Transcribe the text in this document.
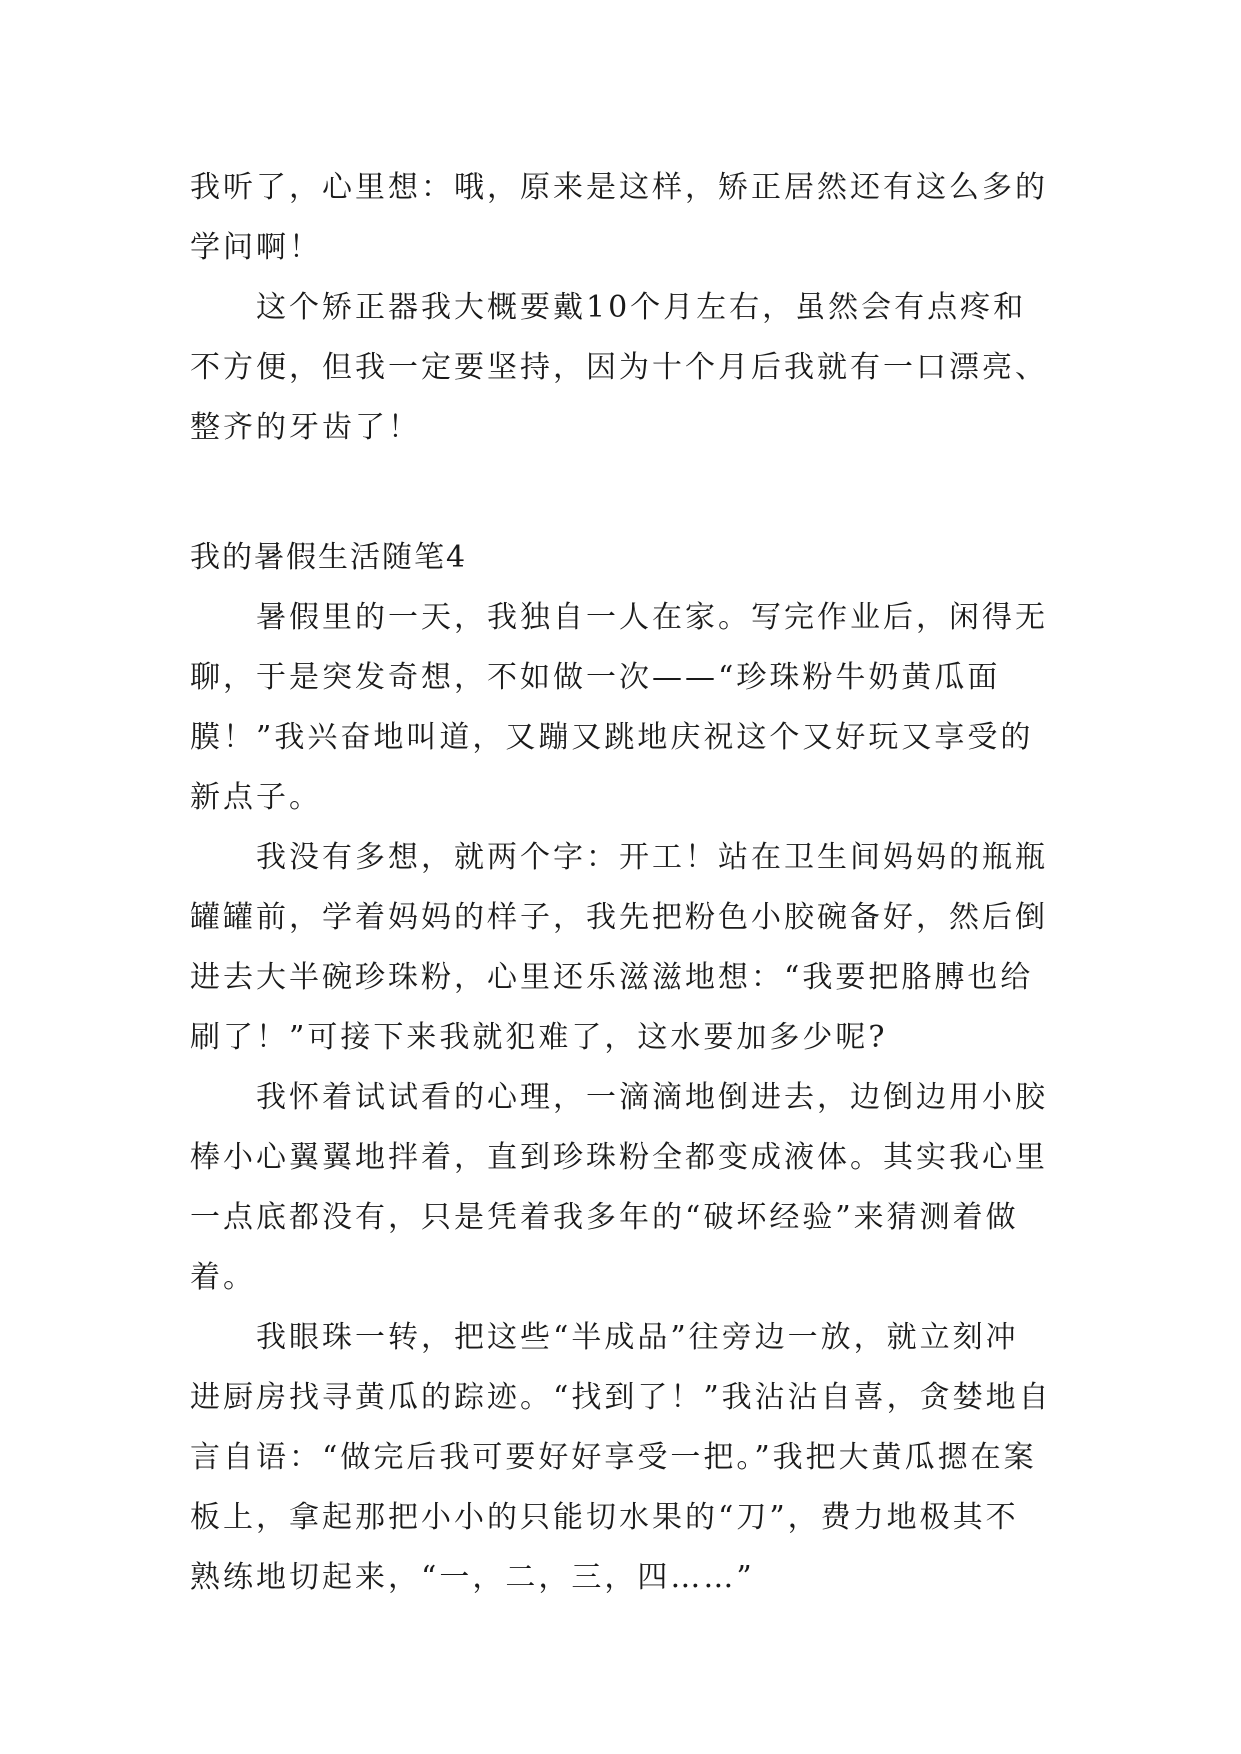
我听了，心里想：哦，原来是这样，矫正居然还有这么多的
学问啊！
这个矫正器我大概要戴10个月左右，虽然会有点疼和
不方便，但我一定要坚持，因为十个月后我就有一口漂亮、
整齐的牙齿了！
我的暑假生活随笔4
暑假里的一天，我独自一人在家。写完作业后，闲得无
聊，于是突发奇想，不如做一次——“珍珠粉牛奶黄瓜面
膜！”我兴奋地叫道，又蹦又跳地庆祝这个又好玩又享受的
新点子。
我没有多想，就两个字：开工！站在卫生间妈妈的瓶瓶
罐罐前，学着妈妈的样子，我先把粉色小胶碗备好，然后倒
进去大半碗珍珠粉，心里还乐滋滋地想：“我要把胳膊也给
刷了！”可接下来我就犯难了，这水要加多少呢?
我怀着试试看的心理，一滴滴地倒进去，边倒边用小胶
棒小心翼翼地拌着，直到珍珠粉全都变成液体。其实我心里
一点底都没有，只是凭着我多年的“破坏经验”来猜测着做
着。
我眼珠一转，把这些“半成品”往旁边一放，就立刻冲
进厨房找寻黄瓜的踪迹。“找到了！”我沾沾自喜，贪婪地自
言自语：“做完后我可要好好享受一把。”我把大黄瓜摁在案
板上，拿起那把小小的只能切水果的“刀”，费力地极其不
熟练地切起来，“一，二，三，四……”
